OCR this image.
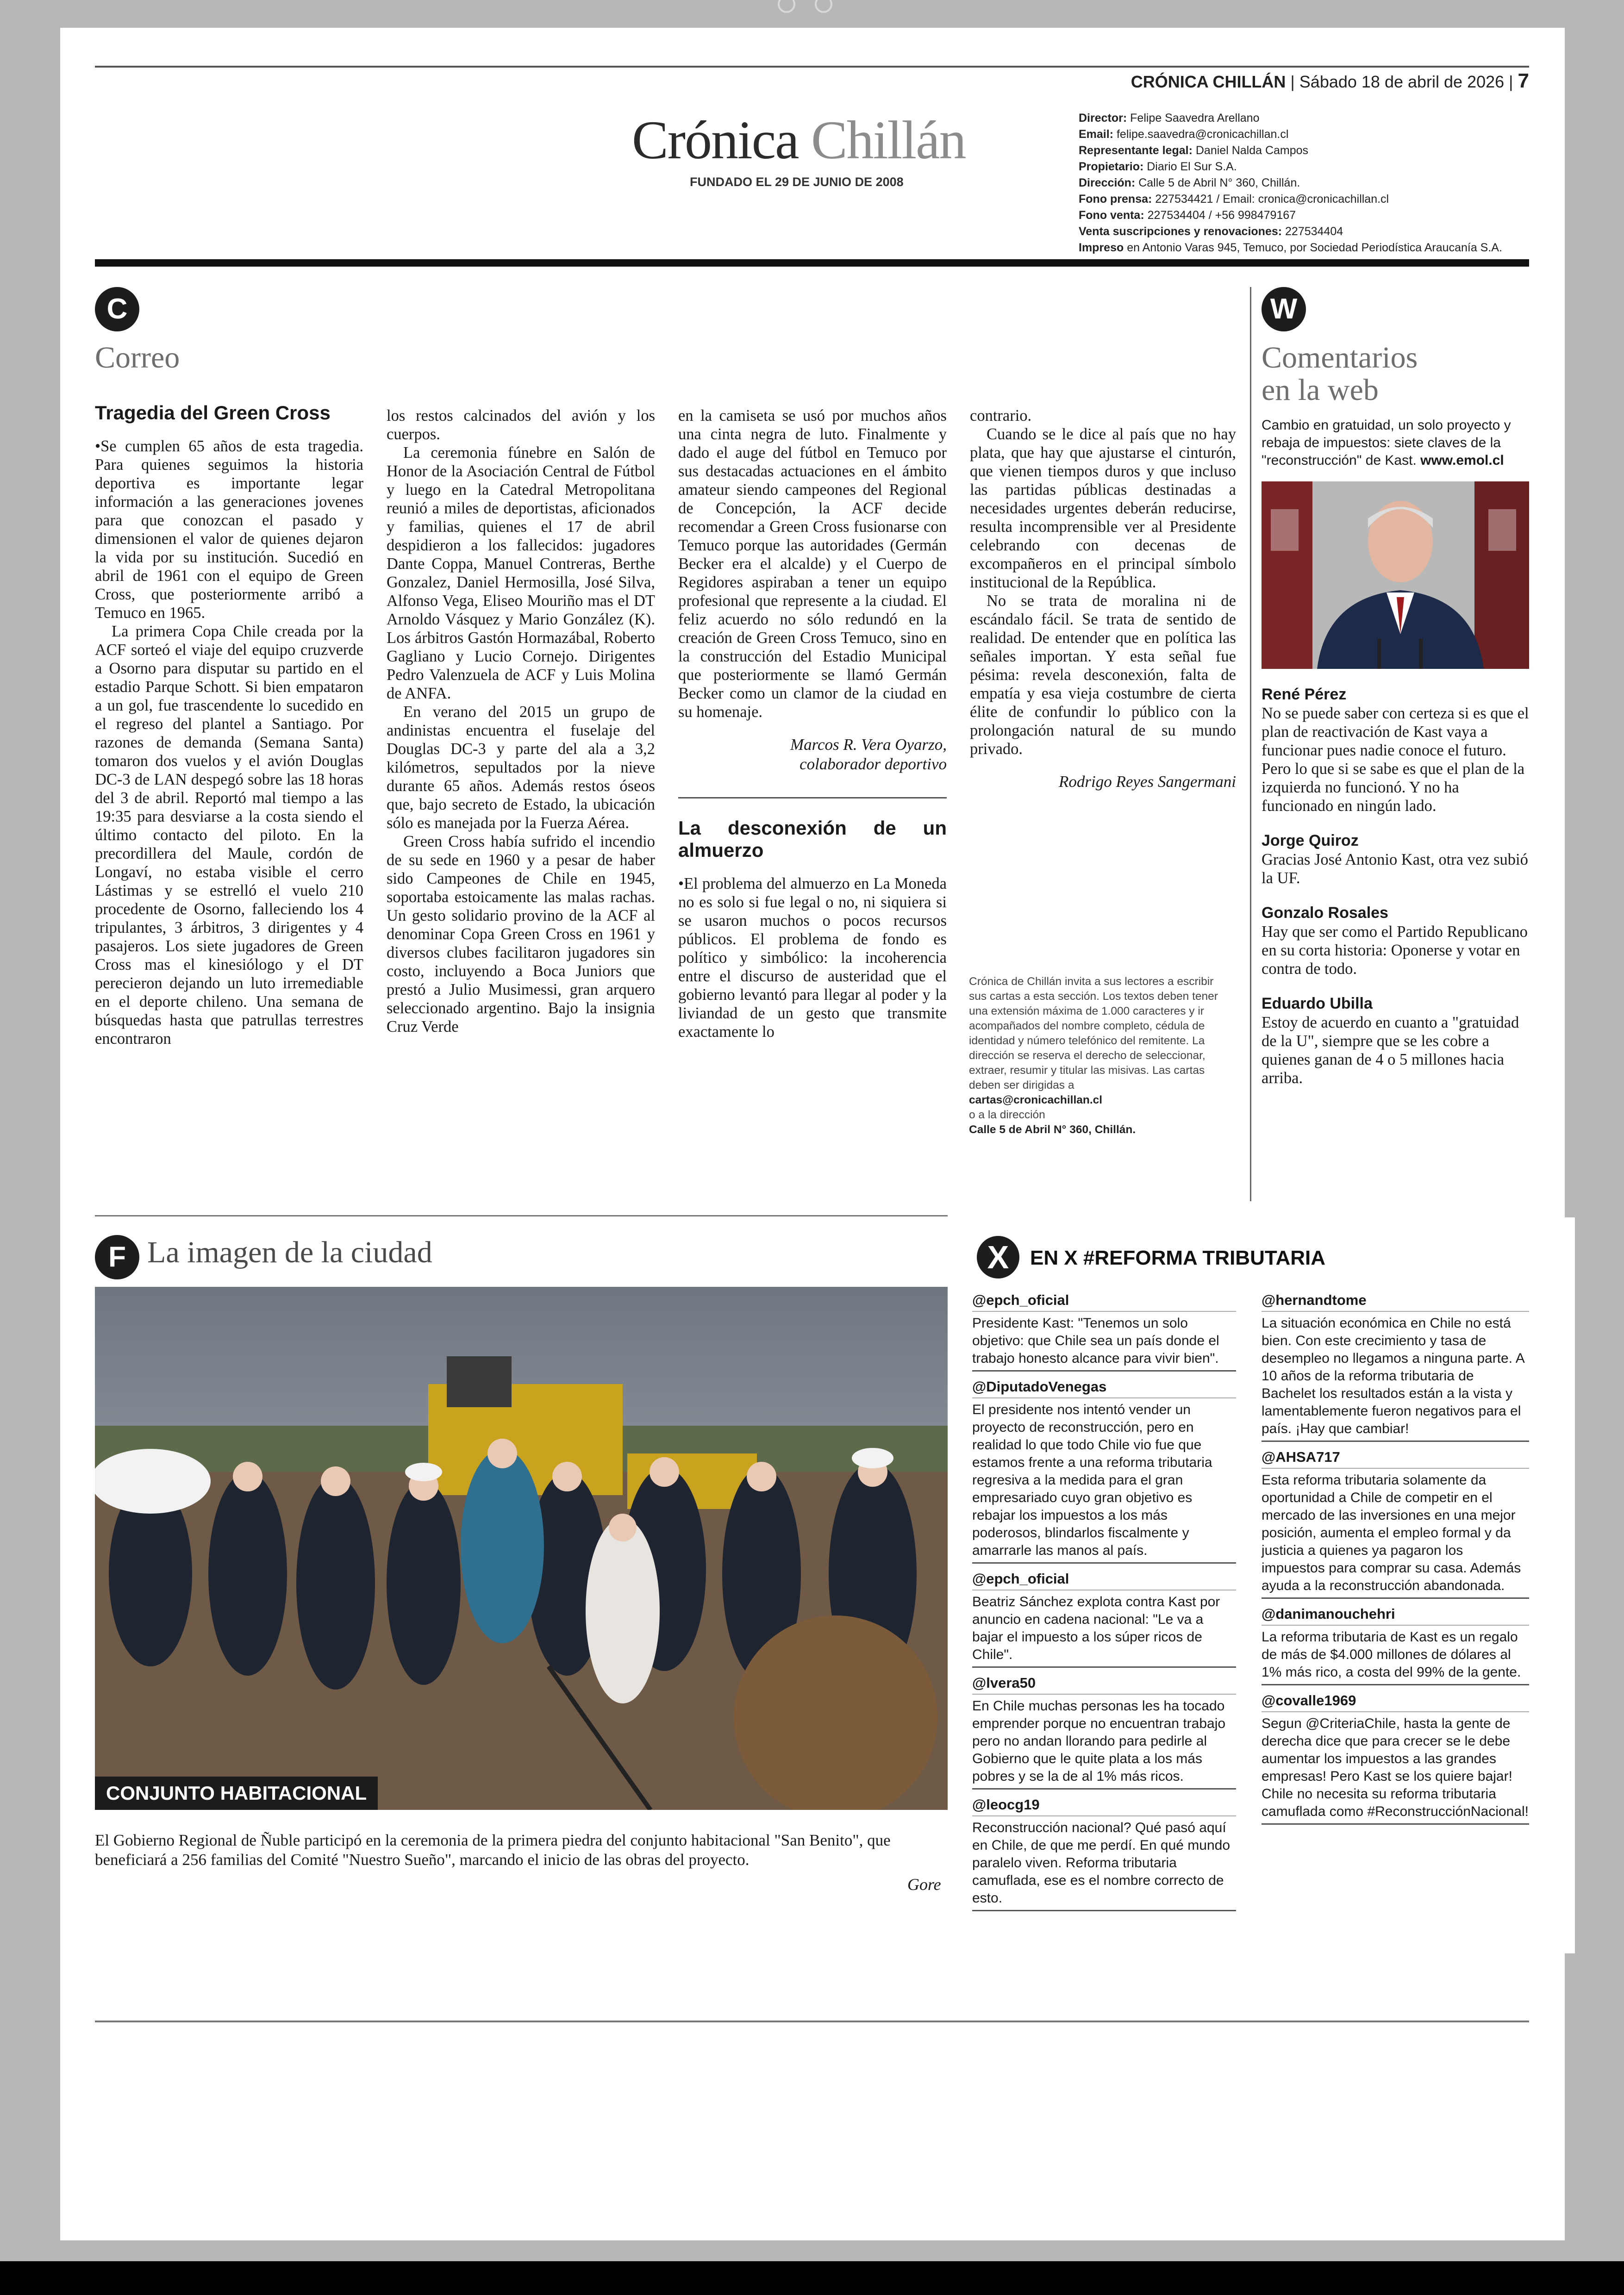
CRÓNICA CHILLÁN | Sábado 18 de abril de 2026 | 7
Crónica Chillán
FUNDADO EL 29 DE JUNIO DE 2008
Director: Felipe Saavedra Arellano
Email: felipe.saavedra@cronicachillan.cl
Representante legal: Daniel Nalda Campos
Propietario: Diario El Sur S.A.
Dirección: Calle 5 de Abril N° 360, Chillán.
Fono prensa: 227534421 / Email: cronica@cronicachillan.cl
Fono venta: 227534404 / +56 998479167
Venta suscripciones y renovaciones: 227534404
Impreso en Antonio Varas 945, Temuco, por Sociedad Periodística Araucanía S.A.
C
Correo
Tragedia del Green Cross

•Se cumplen 65 años de esta tragedia. Para quienes seguimos la historia deportiva es importante legar información a las generaciones jovenes para que conozcan el pasado y dimensionen el valor de quienes dejaron la vida por su institución. Sucedió en abril de 1961 con el equipo de Green Cross, que posteriormente arribó a Temuco en 1965.

La primera Copa Chile creada por la ACF sorteó el viaje del equipo cruzverde a Osorno para disputar su partido en el estadio Parque Schott. Si bien empataron a un gol, fue trascendente lo sucedido en el regreso del plantel a Santiago. Por razones de demanda (Semana Santa) tomaron dos vuelos y el avión Douglas DC-3 de LAN despegó sobre las 18 horas del 3 de abril. Reportó mal tiempo a las 19:35 para desviarse a la costa siendo el último contacto del piloto. En la precordillera del Maule, cordón de Longaví, no estaba visible el cerro Lástimas y se estrelló el vuelo 210 procedente de Osorno, falleciendo los 4 tripulantes, 3 árbitros, 3 dirigentes y 4 pasajeros. Los siete jugadores de Green Cross mas el kinesiólogo y el DT perecieron dejando un luto irremediable en el deporte chileno. Una semana de búsquedas hasta que patrullas terrestres encontraron

los restos calcinados del avión y los cuerpos.

La ceremonia fúnebre en Salón de Honor de la Asociación Central de Fútbol y luego en la Catedral Metropolitana reunió a miles de deportistas, aficionados y familias, quienes el 17 de abril despidieron a los fallecidos: jugadores Dante Coppa, Manuel Contreras, Berthe Gonzalez, Daniel Hermosilla, José Silva, Alfonso Vega, Eliseo Mouriño mas el DT Arnoldo Vásquez y Mario González (K). Los árbitros Gastón Hormazábal, Roberto Gagliano y Lucio Cornejo. Dirigentes Pedro Valenzuela de ACF y Luis Molina de ANFA.

En verano del 2015 un grupo de andinistas encuentra el fuselaje del Douglas DC-3 y parte del ala a 3,2 kilómetros, sepultados por la nieve durante 65 años. Además restos óseos que, bajo secreto de Estado, la ubicación sólo es manejada por la Fuerza Aérea.

Green Cross había sufrido el incendio de su sede en 1960 y a pesar de haber sido Campeones de Chile en 1945, soportaba estoicamente las malas rachas. Un gesto solidario provino de la ACF al denominar Copa Green Cross en 1961 y diversos clubes facilitaron jugadores sin costo, incluyendo a Boca Juniors que prestó a Julio Musimessi, gran arquero seleccionado argentino. Bajo la insignia Cruz Verde

en la camiseta se usó por muchos años una cinta negra de luto. Finalmente y dado el auge del fútbol en Temuco por sus destacadas actuaciones en el ámbito amateur siendo campeones del Regional de Concepción, la ACF decide recomendar a Green Cross fusionarse con Temuco porque las autoridades (Germán Becker era el alcalde) y el Cuerpo de Regidores aspiraban a tener un equipo profesional que represente a la ciudad. El feliz acuerdo no sólo redundó en la creación de Green Cross Temuco, sino en la construcción del Estadio Municipal que posteriormente se llamó Germán Becker como un clamor de la ciudad en su homenaje.

Marcos R. Vera Oyarzo,
colaborador deportivo
La desconexión de un almuerzo

•El problema del almuerzo en La Moneda no es solo si fue legal o no, ni siquiera si se usaron muchos o pocos recursos públicos. El problema de fondo es político y simbólico: la incoherencia entre el discurso de austeridad que el gobierno levantó para llegar al poder y la liviandad de un gesto que transmite exactamente lo

contrario.

Cuando se le dice al país que no hay plata, que hay que ajustarse el cinturón, que vienen tiempos duros y que incluso las partidas públicas destinadas a necesidades urgentes deberán reducirse, resulta incomprensible ver al Presidente celebrando con decenas de excompañeros en el principal símbolo institucional de la República.

No se trata de moralina ni de escándalo fácil. Se trata de sentido de realidad. De entender que en política las señales importan. Y esta señal fue pésima: revela desconexión, falta de empatía y esa vieja costumbre de cierta élite de confundir lo público con la prolongación natural de su mundo privado.

Rodrigo Reyes Sangermani

Crónica de Chillán invita a sus lectores a escribir sus cartas a esta sección. Los textos deben tener una extensión máxima de 1.000 caracteres y ir acompañados del nombre completo, cédula de identidad y número telefónico del remitente. La dirección se reserva el derecho de seleccionar, extraer, resumir y titular las misivas. Las cartas deben ser dirigidas a

cartas@cronicachillan.cl

o a la dirección

Calle 5 de Abril N° 360, Chillán.

W
Comentarios
en la web
Cambio en gratuidad, un solo proyecto y rebaja de impuestos: siete claves de la "reconstrucción" de Kast. www.emol.cl
René Pérez

No se puede saber con certeza si es que el plan de reactivación de Kast vaya a funcionar pues nadie conoce el futuro. Pero lo que si se sabe es que el plan de la izquierda no funcionó. Y no ha funcionado en ningún lado.

Jorge Quiroz

Gracias José Antonio Kast, otra vez subió la UF.

Gonzalo Rosales

Hay que ser como el Partido Republicano en su corta historia: Oponerse y votar en contra de todo.

Eduardo Ubilla

Estoy de acuerdo en cuanto a "gratuidad de la U", siempre que se les cobre a quienes ganan de 4 o 5 millones hacia arriba.

F La imagen de la ciudad
CONJUNTO HABITACIONAL
El Gobierno Regional de Ñuble participó en la ceremonia de la primera piedra del conjunto habitacional "San Benito", que beneficiará a 256 familias del Comité "Nuestro Sueño", marcando el inicio de las obras del proyecto.
Gore
X	EN X #REFORMA TRIBUTARIA
@epch_oficial

Presidente Kast: "Tenemos un solo objetivo: que Chile sea un país donde el trabajo honesto alcance para vivir bien".

@DiputadoVenegas

El presidente nos intentó vender un proyecto de reconstrucción, pero en realidad lo que todo Chile vio fue que estamos frente a una reforma tributaria regresiva a la medida para el gran empresariado cuyo gran objetivo es rebajar los impuestos a los más poderosos, blindarlos fiscalmente y amarrarle las manos al país.

@epch_oficial

Beatriz Sánchez explota contra Kast por anuncio en cadena nacional: "Le va a bajar el impuesto a los súper ricos de Chile".

@lvera50

En Chile muchas personas les ha tocado emprender porque no encuentran trabajo pero no andan llorando para pedirle al Gobierno que le quite plata a los más pobres y se la de al 1% más ricos.

@leocg19

Reconstrucción nacional? Qué pasó aquí en Chile, de que me perdí. En qué mundo paralelo viven. Reforma tributaria camuflada, ese es el nombre correcto de esto.

@hernandtome

La situación económica en Chile no está bien. Con este crecimiento y tasa de desempleo no llegamos a ninguna parte. A 10 años de la reforma tributaria de Bachelet los resultados están a la vista y lamentablemente fueron negativos para el país. ¡Hay que cambiar!

@AHSA717

Esta reforma tributaria solamente da oportunidad a Chile de competir en el mercado de las inversiones en una mejor posición, aumenta el empleo formal y da justicia a quienes ya pagaron los impuestos para comprar su casa. Además ayuda a la reconstrucción abandonada.

@danimanouchehri

La reforma tributaria de Kast es un regalo de más de $4.000 millones de dólares al 1% más rico, a costa del 99% de la gente.

@covalle1969

Segun @CriteriaChile, hasta la gente de derecha dice que para crecer se le debe aumentar los impuestos a las grandes empresas! Pero Kast se los quiere bajar! Chile no necesita su reforma tributaria camuflada como #ReconstrucciónNacional!
